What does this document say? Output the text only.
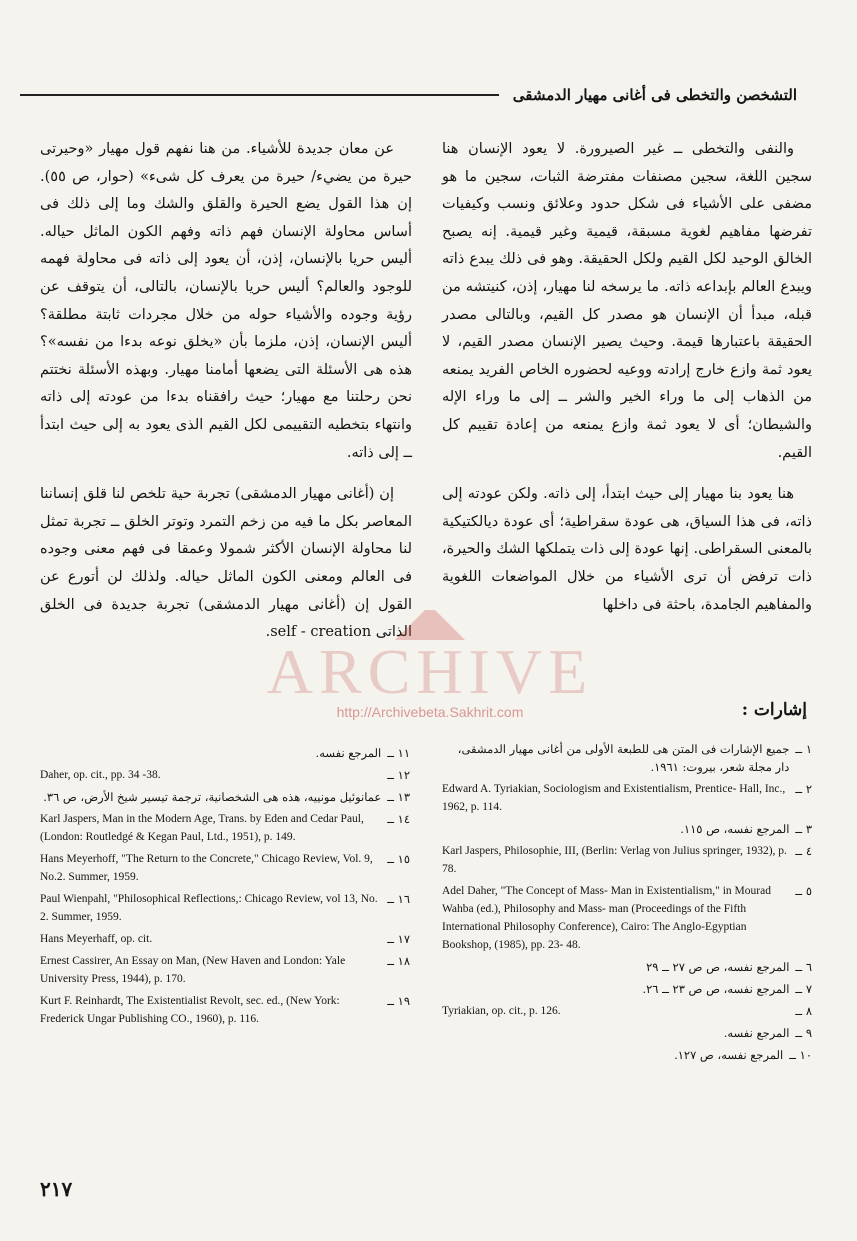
التشخصن والتخطى فى أغانى مهيار الدمشقى

والنفى والتخطى ــ غير الصيرورة. لا يعود الإنسان هنا سجين اللغة، سجين مصنفات مفترضة الثبات، سجين ما هو مضفى على الأشياء فى شكل حدود وعلائق ونسب وكيفيات تفرضها مفاهيم لغوية مسبقة، قيمية وغير قيمية. إنه يصبح الخالق الوحيد لكل القيم ولكل الحقيقة. وهو فى ذلك يبدع ذاته ويبدع العالم بإبداعه ذاته. ما يرسخه لنا مهيار، إذن، كنيتشه من قبله، مبدأ أن الإنسان هو مصدر كل القيم، وبالتالى مصدر الحقيقة باعتبارها قيمة. وحيث يصير الإنسان مصدر القيم، لا يعود ثمة وازع خارج إرادته ووعيه لحضوره الخاص الفريد يمنعه من الذهاب إلى ما وراء الخير والشر ــ إلى ما وراء الإله والشيطان؛ أى لا يعود ثمة وازع يمنعه من إعادة تقييم كل القيم.

هنا يعود بنا مهيار إلى حيث ابتدأ، إلى ذاته. ولكن عودته إلى ذاته، فى هذا السياق، هى عودة سقراطية؛ أى عودة ديالكتيكية بالمعنى السقراطى. إنها عودة إلى ذات يتملكها الشك والحيرة، ذات ترفض أن ترى الأشياء من خلال المواضعات اللغوية والمفاهيم الجامدة، باحثة فى داخلها

عن معان جديدة للأشياء. من هنا نفهم قول مهيار «وحيرتى حيرة من يضيء/ حيرة من يعرف كل شىء» (حوار، ص ٥٥). إن هذا القول يضع الحيرة والقلق والشك وما إلى ذلك فى أساس محاولة الإنسان فهم ذاته وفهم الكون الماثل حياله. أليس حريا بالإنسان، إذن، أن يعود إلى ذاته فى محاولة فهمه للوجود والعالم؟ أليس حريا بالإنسان، بالتالى، أن يتوقف عن رؤية وجوده والأشياء حوله من خلال مجردات ثابتة مطلقة؟ أليس الإنسان، إذن، ملزما بأن «يخلق نوعه بدءا من نفسه»؟ هذه هى الأسئلة التى يضعها أمامنا مهيار. وبهذه الأسئلة نختتم نحن رحلتنا مع مهيار؛ حيث رافقناه بدءا من عودته إلى ذاته وانتهاء بتخطيه التقييمى لكل القيم الذى يعود به إلى حيث ابتدأ ــ إلى ذاته.

إن (أغانى مهيار الدمشقى) تجربة حية تلخص لنا قلق إنساننا المعاصر بكل ما فيه من زخم التمرد وتوتر الخلق ــ تجربة تمثل لنا محاولة الإنسان الأكثر شمولا وعمقا فى فهم معنى وجوده فى العالم ومعنى الكون الماثل حياله. ولذلك لن أتورع عن القول إن (أغانى مهيار الدمشقى) تجربة جديدة فى الخلق الذاتى self - creation.

ARCHIVE
http://Archivebeta.Sakhrit.com	إشارات :
١ ــ
جميع الإشارات فى المتن هى للطبعة الأولى من أغانى مهيار الدمشقى، دار مجلة شعر، بيروت: ١٩٦١.
٢ ــ
Edward A. Tyriakian, Sociologism and Existentialism, Prentice- Hall, Inc., 1962, p. 114.
٣ ــ
المرجع نفسه، ص ١١٥.
٤ ــ
Karl Jaspers, Philosophie, III, (Berlin: Verlag von Julius springer, 1932), p. 78.
٥ ــ
Adel Daher, "The Concept of Mass- Man in Existentialism," in Mourad Wahba (ed.), Philosophy and Mass- man (Proceedings of the Fifth International Philosophy Conference), Cairo: The Anglo-Egyptian Bookshop, (1985), pp. 23- 48.
٦ ــ
المرجع نفسه، ص ص ٢٧ ــ ٢٩
٧ ــ
المرجع نفسه، ص ص ٢٣ ــ ٢٦.
٨ ــ
Tyriakian, op. cit., p. 126.
٩ ــ
المرجع نفسه.
١٠ ــ
المرجع نفسه، ص ١٢٧.
١١ ــ
المرجع نفسه.
١٢ ــ
Daher, op. cit., pp. 34 -38.
١٣ ــ
عمانوئيل مونييه، هذه هى الشخصانية، ترجمة تيسير شيخ الأرض، ص ٣٦.
١٤ ــ
Karl Jaspers, Man in the Modern Age, Trans. by Eden and Cedar Paul, (London: Routledgé & Kegan Paul, Ltd., 1951), p. 149.
١٥ ــ
Hans Meyerhoff, "The Return to the Concrete," Chicago Review, Vol. 9, No.2. Summer, 1959.
١٦ ــ
Paul Wienpahl, "Philosophical Reflections,: Chicago Review, vol 13, No. 2. Summer, 1959.
١٧ ــ
Hans Meyerhaff, op. cit.
١٨ ــ
Ernest Cassirer, An Essay on Man, (New Haven and London: Yale University Press, 1944), p. 170.
١٩ ــ
Kurt F. Reinhardt, The Existentialist Revolt, sec. ed., (New York: Frederick Ungar Publishing CO., 1960), p. 116.
٢١٧
